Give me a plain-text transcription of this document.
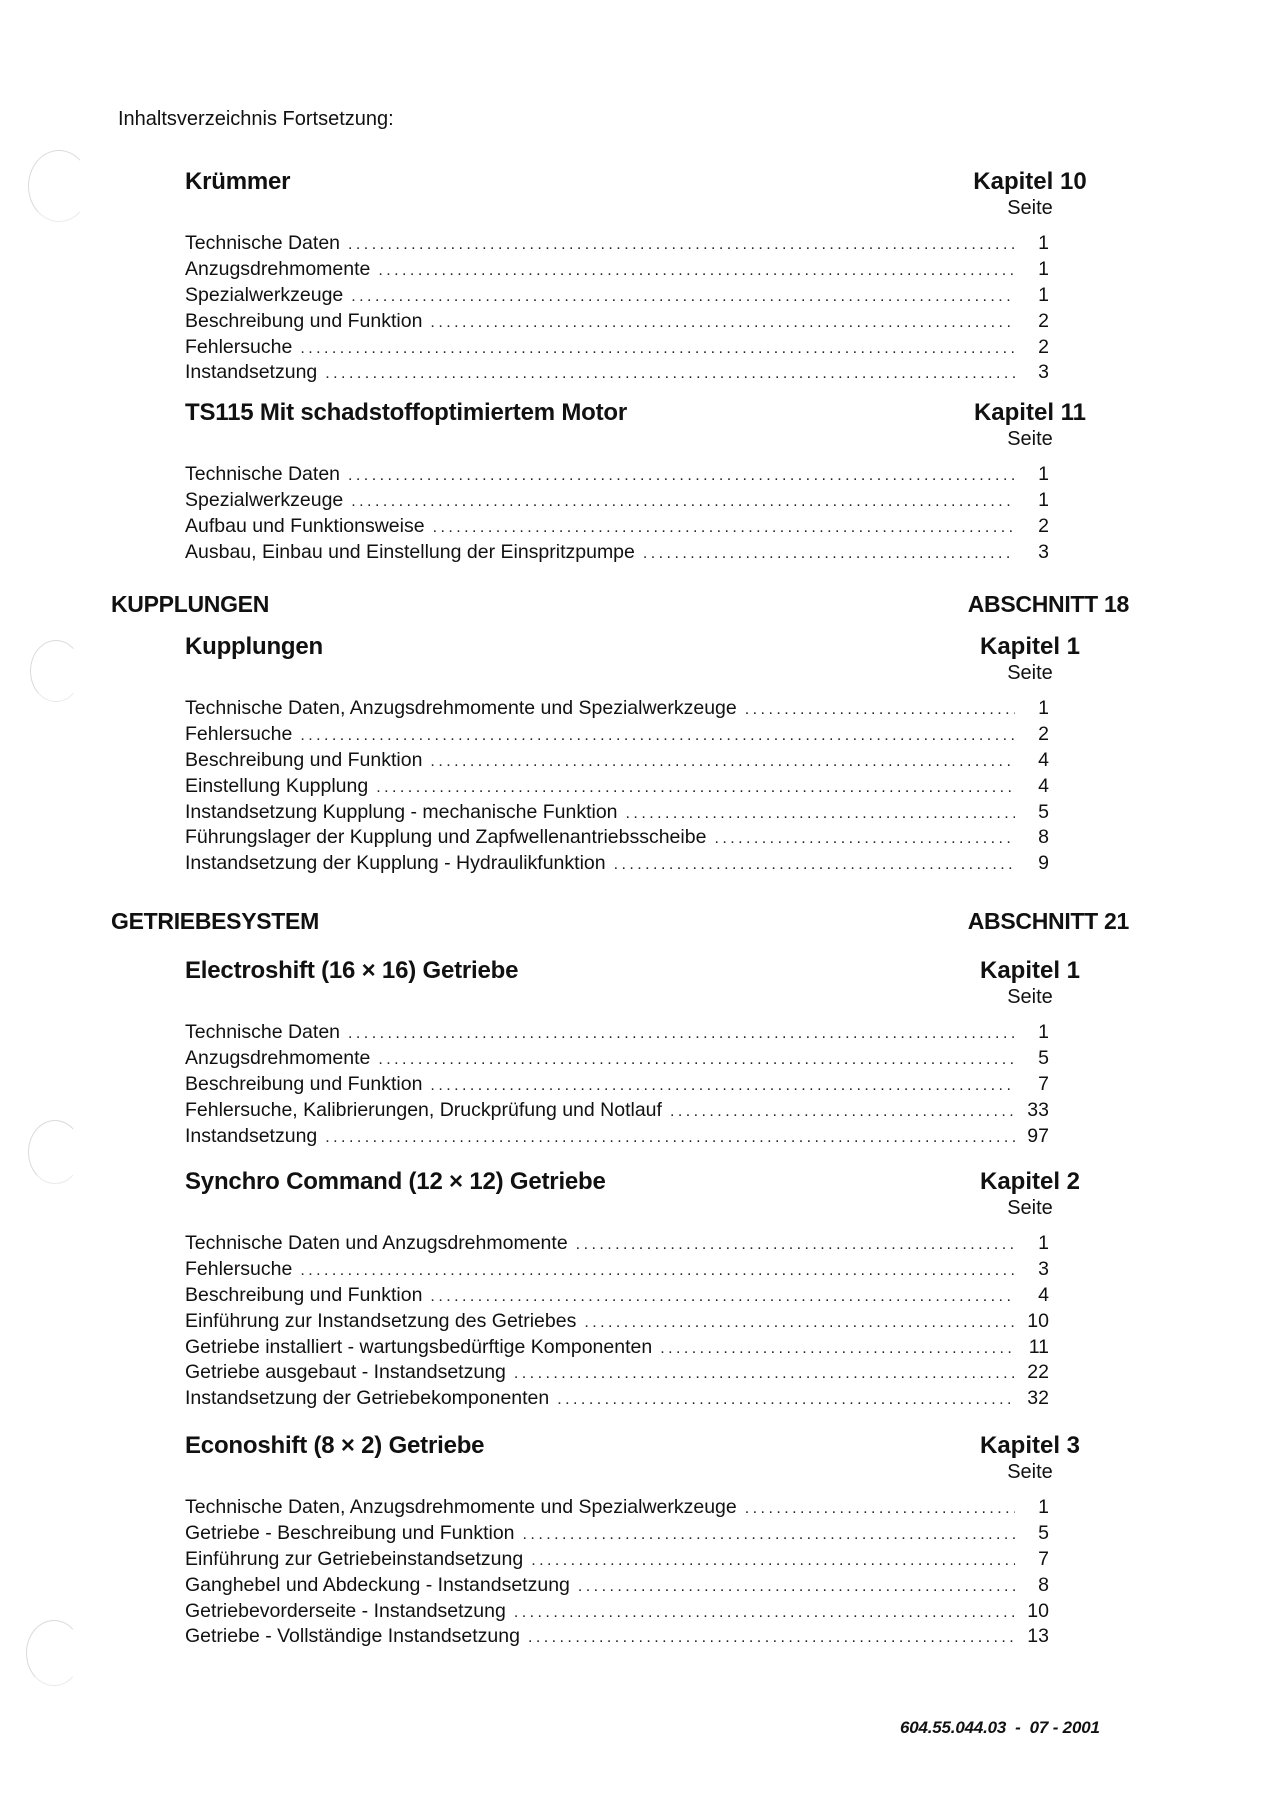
Inhaltsverzeichnis Fortsetzung:
Krümmer	Kapitel 10
Seite
Technische Daten . . .	1
Anzugsdrehmomente . . .	1
Spezialwerkzeuge . . .	1
Beschreibung und Funktion . . .	2
Fehlersuche . . .	2
Instandsetzung . . .	3
TS115 Mit schadstoffoptimiertem Motor	Kapitel 11
Seite
Technische Daten . . .	1
Spezialwerkzeuge . . .	1
Aufbau und Funktionsweise . . .	2
Ausbau, Einbau und Einstellung der Einspritzpumpe . . .	3
KUPPLUNGEN	ABSCHNITT 18
Kupplungen	Kapitel 1
Seite
Technische Daten, Anzugsdrehmomente und Spezialwerkzeuge . . .	1
Fehlersuche . . .	2
Beschreibung und Funktion . . .	4
Einstellung Kupplung . . .	4
Instandsetzung Kupplung - mechanische Funktion . . .	5
Führungslager der Kupplung und Zapfwellenantriebsscheibe . . .	8
Instandsetzung der Kupplung - Hydraulikfunktion . . .	9
GETRIEBESYSTEM	ABSCHNITT 21
Electroshift (16 × 16) Getriebe	Kapitel 1
Seite
Technische Daten . . .	1
Anzugsdrehmomente . . .	5
Beschreibung und Funktion . . .	7
Fehlersuche, Kalibrierungen, Druckprüfung und Notlauf . . .	33
Instandsetzung . . .	97
Synchro Command (12 × 12) Getriebe	Kapitel 2
Seite
Technische Daten und Anzugsdrehmomente . . .	1
Fehlersuche . . .	3
Beschreibung und Funktion . . .	4
Einführung zur Instandsetzung des Getriebes . . .	10
Getriebe installiert - wartungsbedürftige Komponenten . . .	11
Getriebe ausgebaut - Instandsetzung . . .	22
Instandsetzung der Getriebekomponenten . . .	32
Econoshift (8 × 2) Getriebe	Kapitel 3
Seite
Technische Daten, Anzugsdrehmomente und Spezialwerkzeuge . . .	1
Getriebe - Beschreibung und Funktion . . .	5
Einführung zur Getriebeinstandsetzung . . .	7
Ganghebel und Abdeckung - Instandsetzung . . .	8
Getriebevorderseite - Instandsetzung . . .	10
Getriebe - Vollständige Instandsetzung . . .	13
604.55.044.03  -  07 - 2001
